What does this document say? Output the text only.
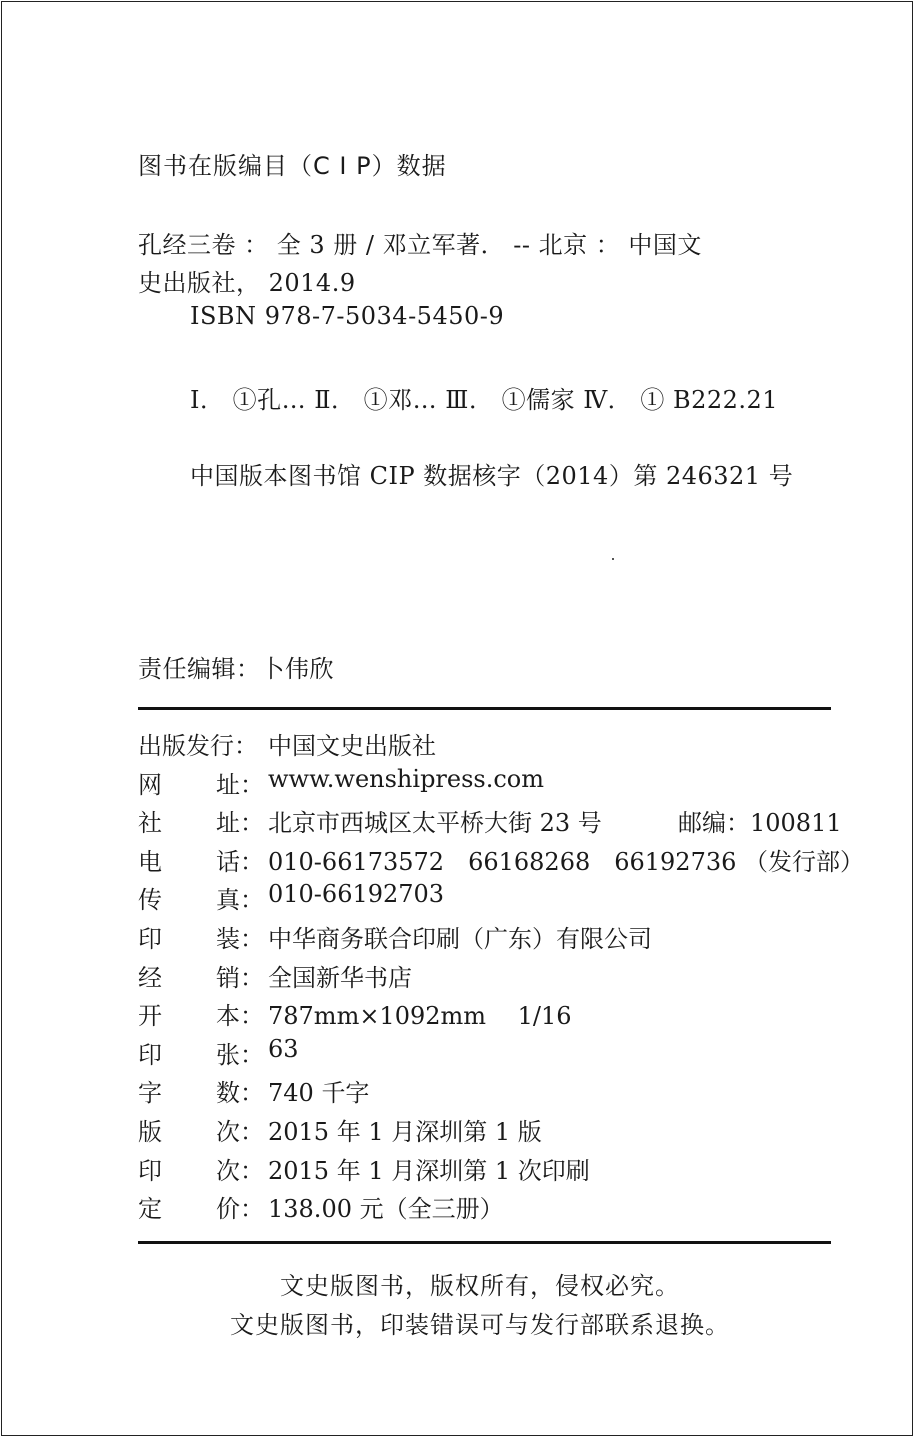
图书在版编目（C I P）数据
孔经三卷 ： 全 3 册 / 邓立军著． -- 北京 ： 中国文
史出版社， 2014.9
ISBN 978-7-5034-5450-9
Ⅰ． ①孔… Ⅱ． ①邓… Ⅲ． ①儒家 Ⅳ． ① B222.21
中国版本图书馆 CIP 数据核字（2014）第 246321 号
责任编辑：卜伟欣
出版发行： 中国文史出版社
网 址： www.wenshipress.com
社 址： 北京市西城区太平桥大街 23 号	邮编：100811
电 话： 010-66173572　66168268　66192736 （发行部）
传 真： 010-66192703
印 装： 中华商务联合印刷（广东）有限公司
经 销： 全国新华书店
开 本： 787mm×1092mm　 1/16
印 张： 63
字 数： 740 千字
版 次： 2015 年 1 月深圳第 1 版
印 次： 2015 年 1 月深圳第 1 次印刷
定 价： 138.00 元（全三册）
文史版图书，版权所有，侵权必究。
文史版图书，印装错误可与发行部联系退换。
